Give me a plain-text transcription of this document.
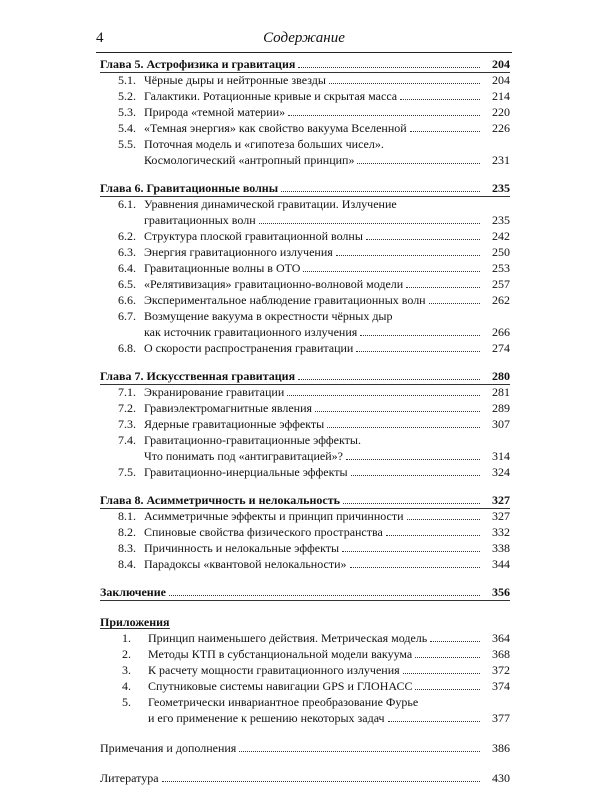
4	Содержание
Глава 5. Астрофизика и гравитация	204
5.1. Чёрные дыры и нейтронные звезды	204
5.2. Галактики. Ротационные кривые и скрытая масса	214
5.3. Природа «темной материи»	220
5.4. «Темная энергия» как свойство вакуума Вселенной	226
5.5. Поточная модель и «гипотеза больших чисел».
Космологический «антропный принцип»	231
Глава 6. Гравитационные волны	235
6.1. Уравнения динамической гравитации. Излучение
гравитационных волн	235
6.2. Структура плоской гравитационной волны	242
6.3. Энергия гравитационного излучения	250
6.4. Гравитационные волны в ОТО	253
6.5. «Релятивизация» гравитационно-волновой модели	257
6.6. Экспериментальное наблюдение гравитационных волн	262
6.7. Возмущение вакуума в окрестности чёрных дыр
как источник гравитационного излучения	266
6.8. О скорости распространения гравитации	274
Глава 7. Искусственная гравитация	280
7.1. Экранирование гравитации	281
7.2. Гравиэлектромагнитные явления	289
7.3. Ядерные гравитационные эффекты	307
7.4. Гравитационно-гравитационные эффекты.
Что понимать под «антигравитацией»?	314
7.5. Гравитационно-инерциальные эффекты	324
Глава 8. Асимметричность и нелокальность	327
8.1. Асимметричные эффекты и принцип причинности	327
8.2. Спиновые свойства физического пространства	332
8.3. Причинность и нелокальные эффекты	338
8.4. Парадоксы «квантовой нелокальности»	344
Заключение	356
Приложения
1. Принцип наименьшего действия. Метрическая модель	364
2. Методы КТП в субстанциональной модели вакуума	368
3. К расчету мощности гравитационного излучения	372
4. Спутниковые системы навигации GPS и ГЛОНАСС	374
5. Геометрически инвариантное преобразование Фурье
и его применение к решению некоторых задач	377
Примечания и дополнения	386
Литература	430
